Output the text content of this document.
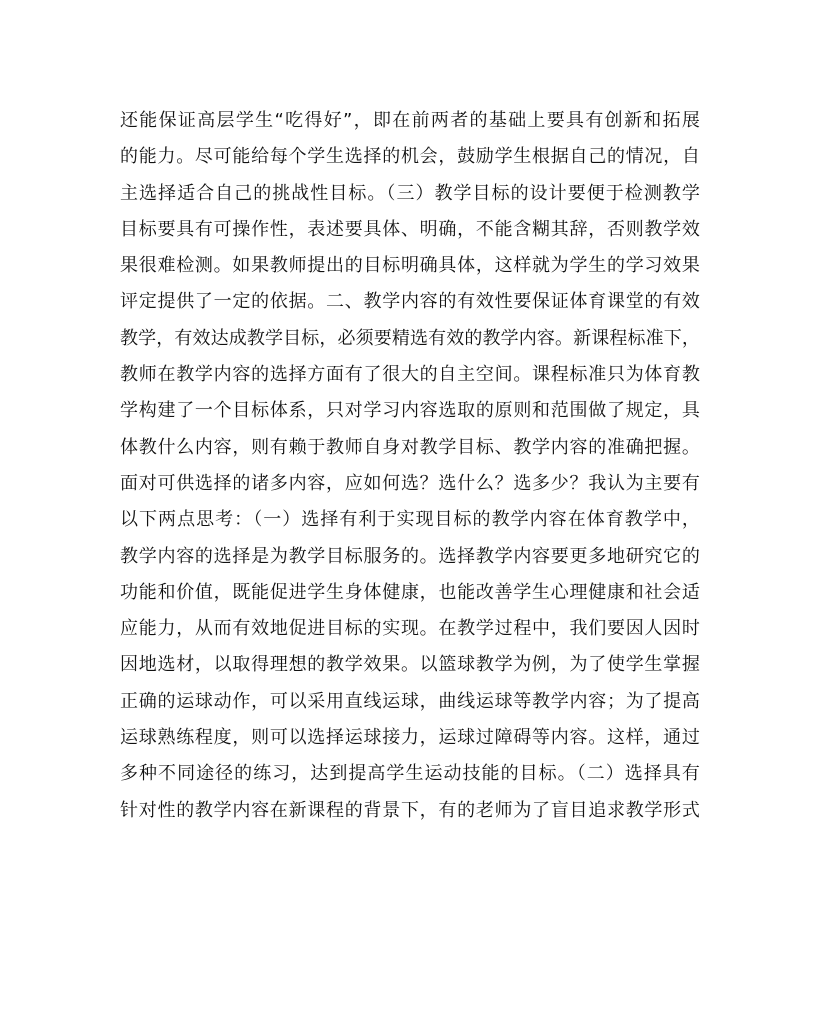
还能保证高层学生“吃得好”，即在前两者的基础上要具有创新和拓展
的能力。尽可能给每个学生选择的机会，鼓励学生根据自己的情况，自
主选择适合自己的挑战性目标。（三）教学目标的设计要便于检测教学
目标要具有可操作性，表述要具体、明确，不能含糊其辞，否则教学效
果很难检测。如果教师提出的目标明确具体，这样就为学生的学习效果
评定提供了一定的依据。二、教学内容的有效性要保证体育课堂的有效
教学，有效达成教学目标，必须要精选有效的教学内容。新课程标准下，
教师在教学内容的选择方面有了很大的自主空间。课程标准只为体育教
学构建了一个目标体系，只对学习内容选取的原则和范围做了规定，具
体教什么内容，则有赖于教师自身对教学目标、教学内容的准确把握。
面对可供选择的诸多内容，应如何选？选什么？选多少？我认为主要有
以下两点思考：（一）选择有利于实现目标的教学内容在体育教学中，
教学内容的选择是为教学目标服务的。选择教学内容要更多地研究它的
功能和价值，既能促进学生身体健康，也能改善学生心理健康和社会适
应能力，从而有效地促进目标的实现。在教学过程中，我们要因人因时
因地选材，以取得理想的教学效果。以篮球教学为例，为了使学生掌握
正确的运球动作，可以采用直线运球，曲线运球等教学内容；为了提高
运球熟练程度，则可以选择运球接力，运球过障碍等内容。这样，通过
多种不同途径的练习，达到提高学生运动技能的目标。（二）选择具有
针对性的教学内容在新课程的背景下，有的老师为了盲目追求教学形式
